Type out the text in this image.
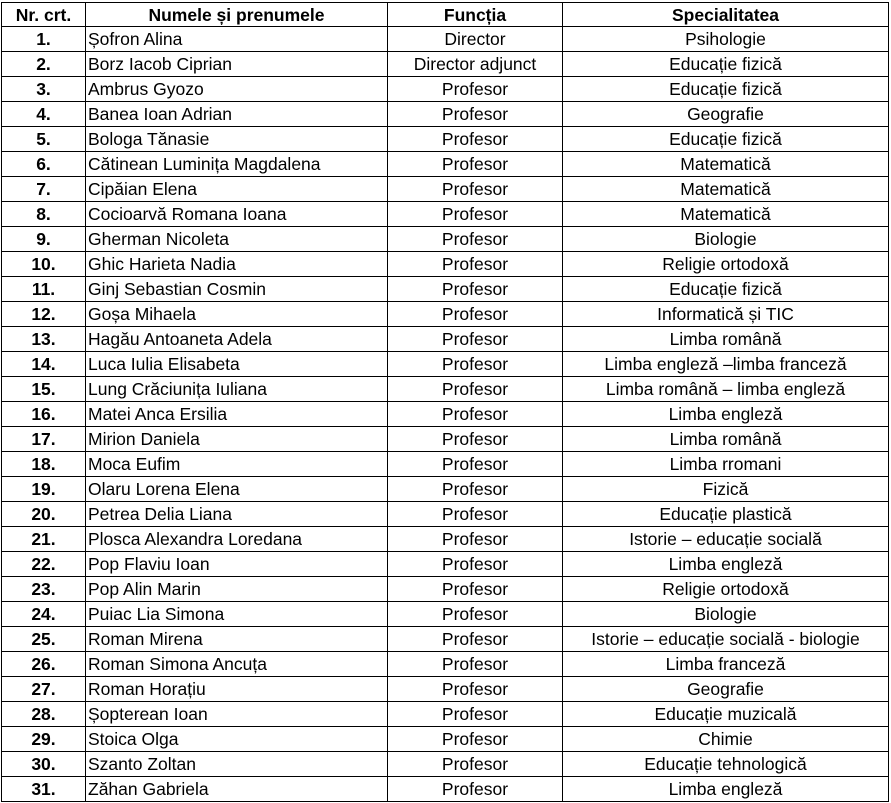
Nr. crt.	Numele și prenumele	Funcția	Specialitatea
1.	Șofron Alina	Director	Psihologie
2.	Borz Iacob Ciprian	Director adjunct	Educație fizică
3.	Ambrus Gyozo	Profesor	Educație fizică
4.	Banea Ioan Adrian	Profesor	Geografie
5.	Bologa Tănasie	Profesor	Educație fizică
6.	Cătinean Luminița Magdalena	Profesor	Matematică
7.	Cipăian Elena	Profesor	Matematică
8.	Cocioarvă Romana Ioana	Profesor	Matematică
9.	Gherman Nicoleta	Profesor	Biologie
10.	Ghic Harieta Nadia	Profesor	Religie ortodoxă
11.	Ginj Sebastian Cosmin	Profesor	Educație fizică
12.	Goșa Mihaela	Profesor	Informatică și TIC
13.	Hagău Antoaneta Adela	Profesor	Limba română
14.	Luca Iulia Elisabeta	Profesor	Limba engleză –limba franceză
15.	Lung Crăciunița Iuliana	Profesor	Limba română – limba engleză
16.	Matei Anca Ersilia	Profesor	Limba engleză
17.	Mirion Daniela	Profesor	Limba română
18.	Moca Eufim	Profesor	Limba rromani
19.	Olaru Lorena Elena	Profesor	Fizică
20.	Petrea Delia Liana	Profesor	Educație plastică
21.	Plosca Alexandra Loredana	Profesor	Istorie – educație socială
22.	Pop Flaviu Ioan	Profesor	Limba engleză
23.	Pop Alin Marin	Profesor	Religie ortodoxă
24.	Puiac Lia Simona	Profesor	Biologie
25.	Roman Mirena	Profesor	Istorie – educație socială - biologie
26.	Roman Simona Ancuța	Profesor	Limba franceză
27.	Roman Horațiu	Profesor	Geografie
28.	Șopterean Ioan	Profesor	Educație muzicală
29.	Stoica Olga	Profesor	Chimie
30.	Szanto Zoltan	Profesor	Educație tehnologică
31.	Zăhan Gabriela	Profesor	Limba engleză
